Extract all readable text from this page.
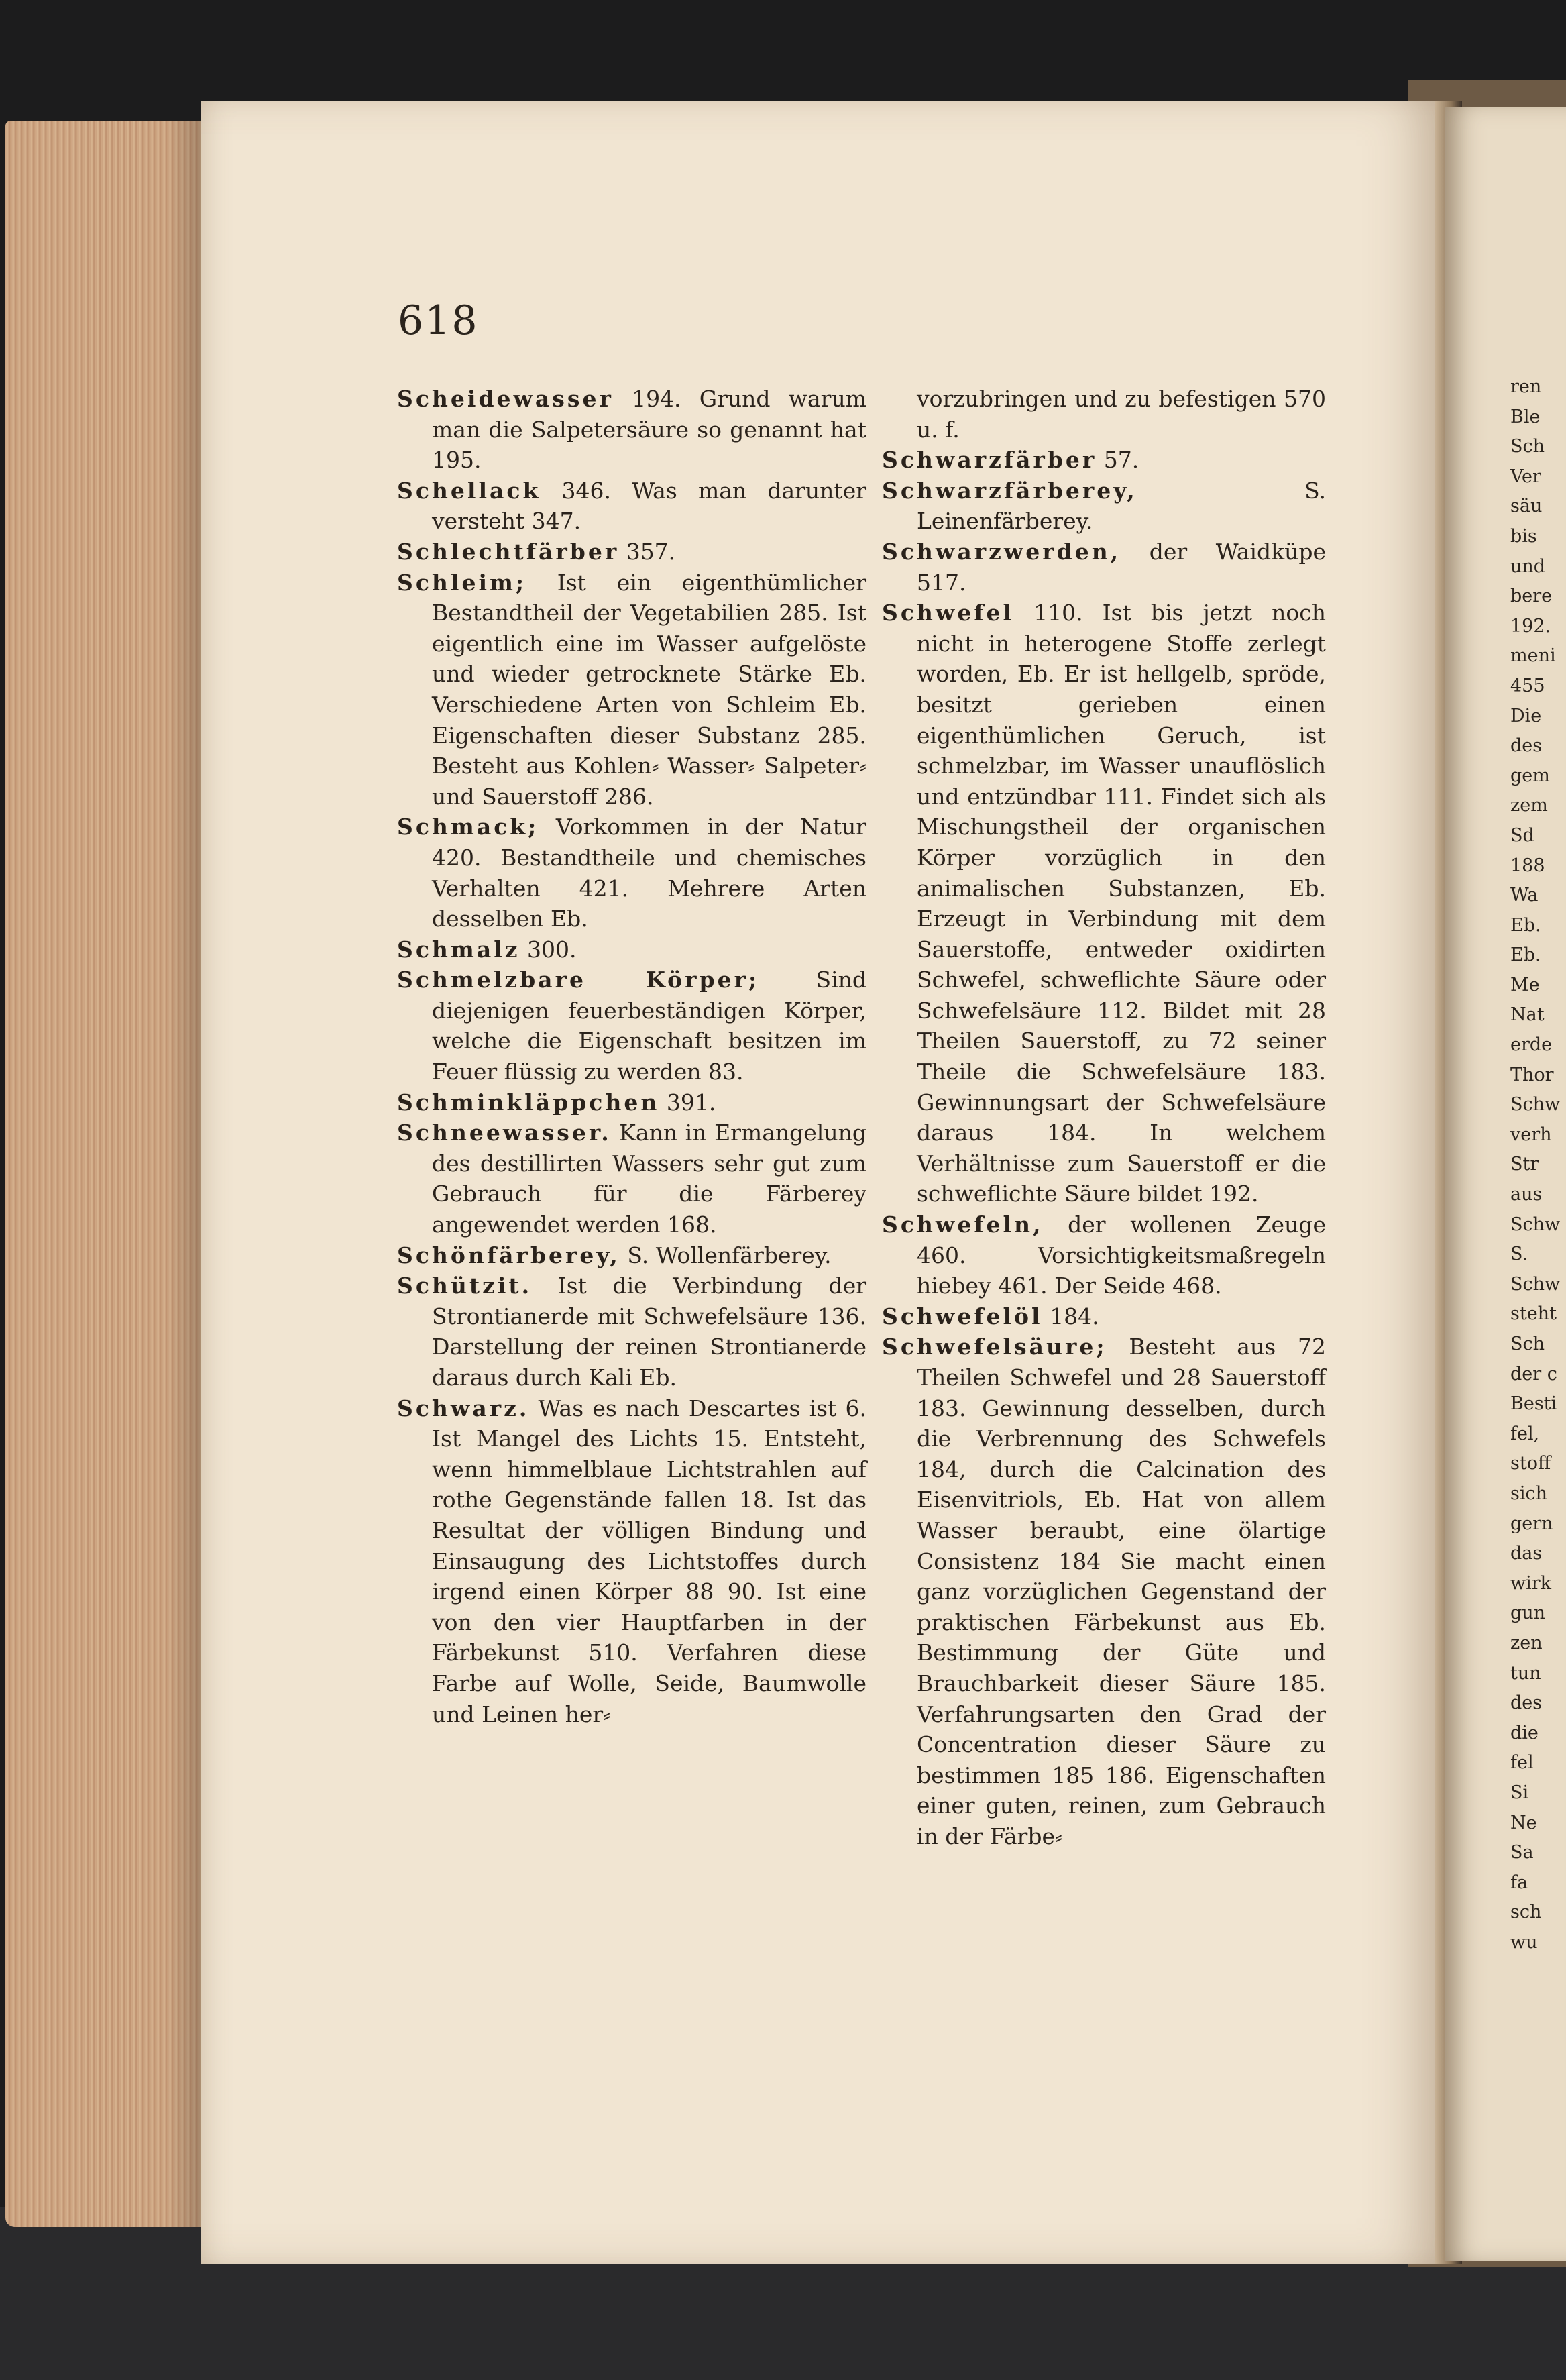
ren

Ble

Sch

Ver

säu

bis

und

bere

192.

meni

455

Die

des

gem

zem

Sd

188

Wa

Eb.

Eb.

Me

Nat

erde

Thor

Schw

verh

Str

aus

Schw

S.

Schw

steht

Sch

der c

Besti

fel,

stoff

sich

gern

das

wirk

gun

zen

tun

des

die

fel

Si

Ne

Sa

fa

sch

wu

618

Scheidewasser 194. Grund warum man die Salpetersäure so genannt hat 195.

Schellack 346. Was man darunter versteht 347.

Schlechtfärber 357.

Schleim; Ist ein eigenthümlicher Bestandtheil der Vegetabilien 285. Ist eigentlich eine im Wasser aufgelöste und wieder getrocknete Stärke Eb. Verschiedene Arten von Schleim Eb. Eigenschaften dieser Substanz 285. Besteht aus Kohlen⸗ Wasser⸗ Salpeter⸗ und Sauerstoff 286.

Schmack; Vorkommen in der Natur 420. Bestandtheile und chemisches Verhalten 421. Mehrere Arten desselben Eb.

Schmalz 300.

Schmelzbare Körper; Sind diejenigen feuerbeständigen Körper, welche die Eigenschaft besitzen im Feuer flüssig zu werden 83.

Schminkläppchen 391.

Schneewasser. Kann in Ermangelung des destillirten Wassers sehr gut zum Gebrauch für die Färberey angewendet werden 168.

Schönfärberey, S. Wollenfärberey.

Schützit. Ist die Verbindung der Strontianerde mit Schwefelsäure 136. Darstellung der reinen Strontianerde daraus durch Kali Eb.

Schwarz. Was es nach Descartes ist 6. Ist Mangel des Lichts 15. Entsteht, wenn himmelblaue Lichtstrahlen auf rothe Gegenstände fallen 18. Ist das Resultat der völligen Bindung und Einsaugung des Lichtstoffes durch irgend einen Körper 88 90. Ist eine von den vier Hauptfarben in der Färbekunst 510. Verfahren diese Farbe auf Wolle, Seide, Baumwolle und Leinen her⸗

vorzubringen und zu befestigen 570 u. f.

Schwarzfärber 57.

Schwarzfärberey, S. Leinenfärberey.

Schwarzwerden, der Waidküpe 517.

Schwefel 110. Ist bis jetzt noch nicht in heterogene Stoffe zerlegt worden, Eb. Er ist hellgelb, spröde, besitzt gerieben einen eigenthümlichen Geruch, ist schmelzbar, im Wasser unauflöslich und entzündbar 111. Findet sich als Mischungstheil der organischen Körper vorzüglich in den animalischen Substanzen, Eb. Erzeugt in Verbindung mit dem Sauerstoffe, entweder oxidirten Schwefel, schweflichte Säure oder Schwefelsäure 112. Bildet mit 28 Theilen Sauerstoff, zu 72 seiner Theile die Schwefelsäure 183. Gewinnungsart der Schwefelsäure daraus 184. In welchem Verhältnisse zum Sauerstoff er die schweflichte Säure bildet 192.

Schwefeln, der wollenen Zeuge 460. Vorsichtigkeitsmaßregeln hiebey 461. Der Seide 468.

Schwefelöl 184.

Schwefelsäure; Besteht aus 72 Theilen Schwefel und 28 Sauerstoff 183. Gewinnung desselben, durch die Verbrennung des Schwefels 184, durch die Calcination des Eisenvitriols, Eb. Hat von allem Wasser beraubt, eine ölartige Consistenz 184 Sie macht einen ganz vorzüglichen Gegenstand der praktischen Färbekunst aus Eb. Bestimmung der Güte und Brauchbarkeit dieser Säure 185. Verfahrungsarten den Grad der Concentration dieser Säure zu bestimmen 185 186. Eigenschaften einer guten, reinen, zum Gebrauch in der Färbe⸗
